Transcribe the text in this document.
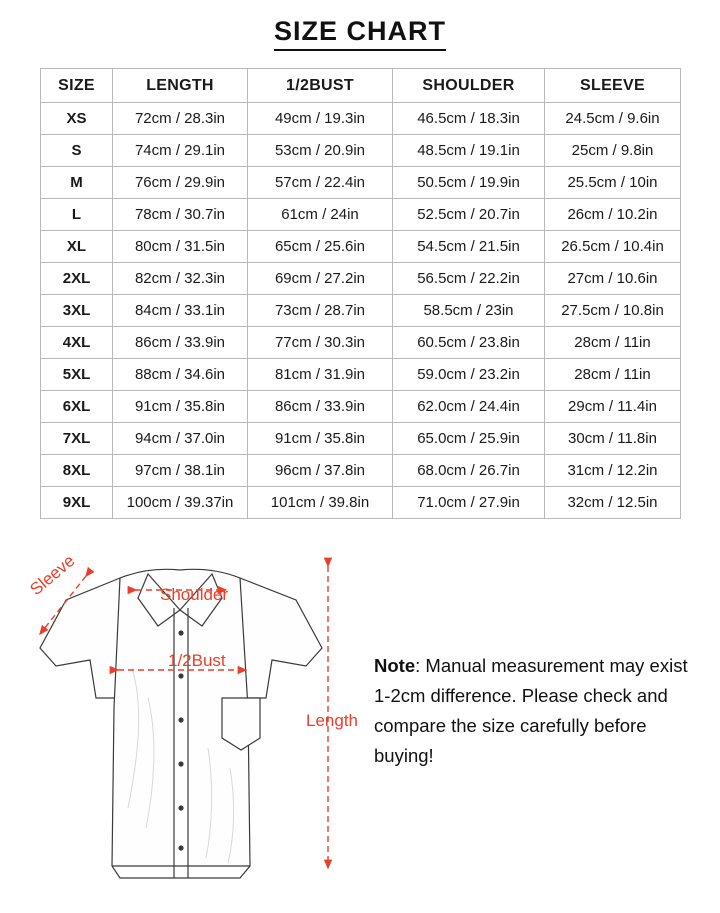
SIZE CHART
SIZE	LENGTH	1/2BUST	SHOULDER	SLEEVE
XS	72cm / 28.3in	49cm / 19.3in	46.5cm / 18.3in	24.5cm / 9.6in
S	74cm / 29.1in	53cm / 20.9in	48.5cm / 19.1in	25cm / 9.8in
M	76cm / 29.9in	57cm / 22.4in	50.5cm / 19.9in	25.5cm / 10in
L	78cm / 30.7in	61cm / 24in	52.5cm / 20.7in	26cm / 10.2in
XL	80cm / 31.5in	65cm / 25.6in	54.5cm / 21.5in	26.5cm / 10.4in
2XL	82cm / 32.3in	69cm / 27.2in	56.5cm / 22.2in	27cm / 10.6in
3XL	84cm / 33.1in	73cm / 28.7in	58.5cm / 23in	27.5cm / 10.8in
4XL	86cm / 33.9in	77cm / 30.3in	60.5cm / 23.8in	28cm / 11in
5XL	88cm / 34.6in	81cm / 31.9in	59.0cm / 23.2in	28cm / 11in
6XL	91cm / 35.8in	86cm / 33.9in	62.0cm / 24.4in	29cm / 11.4in
7XL	94cm / 37.0in	91cm / 35.8in	65.0cm / 25.9in	30cm / 11.8in
8XL	97cm / 38.1in	96cm / 37.8in	68.0cm / 26.7in	31cm / 12.2in
9XL	100cm / 39.37in	101cm / 39.8in	71.0cm / 27.9in	32cm / 12.5in
Sleeve	Shoulder
1/2Bust
Length
Note: Manual measurement may exist 1-2cm difference. Please check and compare the size carefully before buying!
